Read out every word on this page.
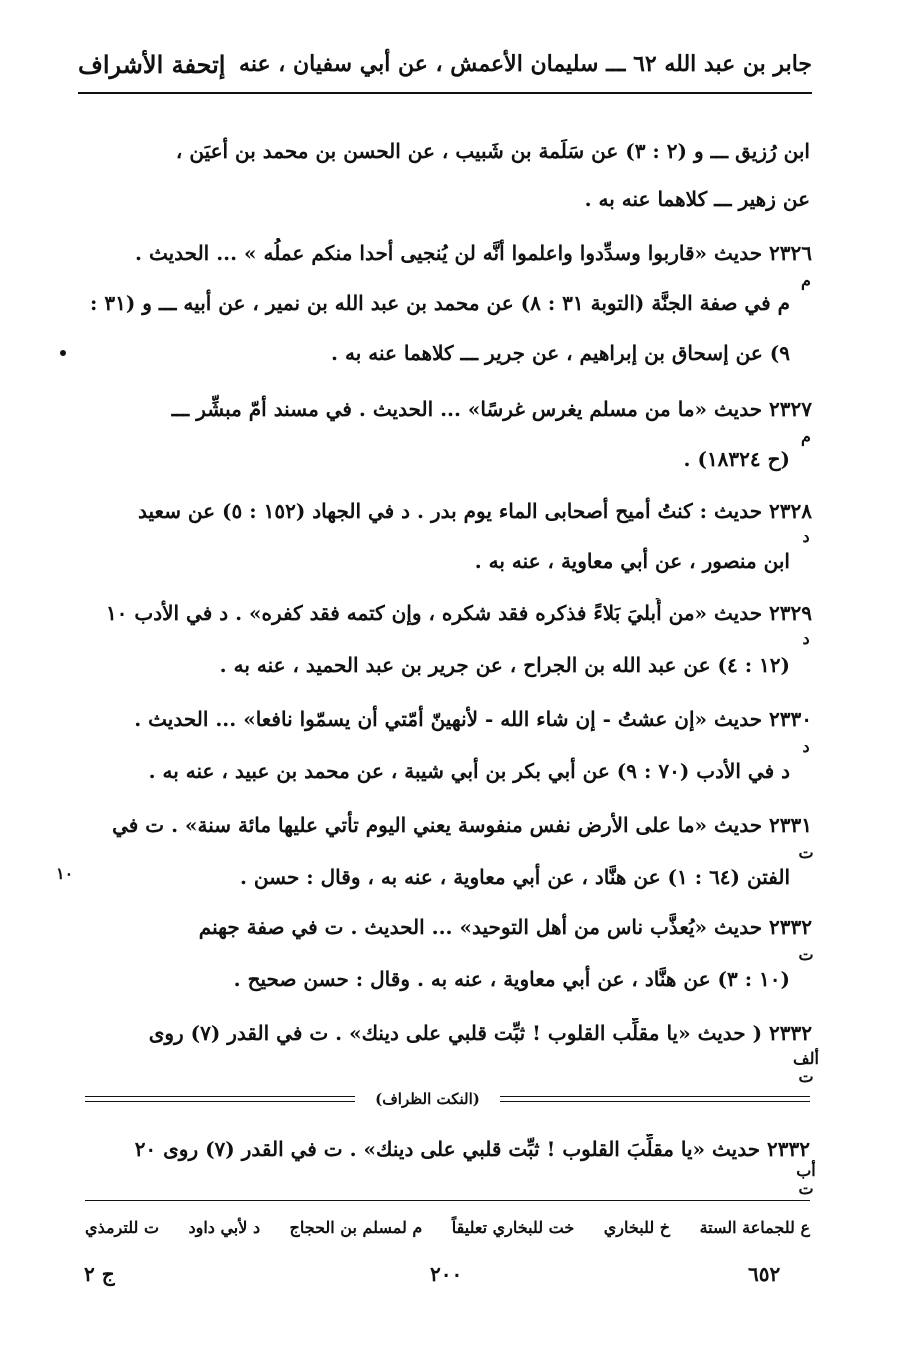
جابر بن عبد الله ٦٢ ـــ سليمان الأعمش ، عن أبي سفيان ، عنه
إتحفة الأشراف
ابن رُزيق ـــ و (٢ : ٣) عن سَلَمة بن شَبيب ، عن الحسن بن محمد بن أعيَن ،
عن زهير ـــ كلاهما عنه به .
٢٣٢٦ حديث «قاربوا وسدِّدوا واعلموا أنَّه لن يُنجيى أحدا منكم عملُه » ... الحديث .
م في صفة الجنَّة (التوبة ٣١ : ٨) عن محمد بن عبد الله بن نمير ، عن أبيه ـــ و (٣١ :
٩) عن إسحاق بن إبراهيم ، عن جرير ـــ كلاهما عنه به .
٢٣٢٧ حديث «ما من مسلم يغرس غرسًا» ... الحديث . في مسند أمّ مبشِّر ـــ
(ح ١٨٣٢٤) .
٢٣٢٨ حديث : كنتُ أميح أصحابى الماء يوم بدر . د في الجهاد (١٥٢ : ٥) عن سعيد
ابن منصور ، عن أبي معاوية ، عنه به .
٢٣٢٩ حديث «من أُبليَ بَلاءً فذكره فقد شكره ، وإن كتمه فقد كفره» . د في الأدب ١٠
(١٢ : ٤) عن عبد الله بن الجراح ، عن جرير بن عبد الحميد ، عنه به .
٢٣٣٠ حديث «إن عشتُ - إن شاء الله - لأنهينّ أمّتي أن يسمّوا نافعا» ... الحديث .
د في الأدب (٧٠ : ٩) عن أبي بكر بن أبي شيبة ، عن محمد بن عبيد ، عنه به .
٢٣٣١ حديث «ما على الأرض نفس منفوسة يعني اليوم تأتي عليها مائة سنة» . ت في
الفتن (٦٤ : ١) عن هنَّاد ، عن أبي معاوية ، عنه به ، وقال : حسن .
٢٣٣٢ حديث «يُعذَّب ناس من أهل التوحيد» ... الحديث . ت في صفة جهنم
(١٠ : ٣) عن هنَّاد ، عن أبي معاوية ، عنه به . وقال : حسن صحيح .
٢٣٣٢ ( حديث «يا مقلِّب القلوب ! ثبِّت قلبي على دينك» . ت في القدر (٧) روى
م
م
د
د
د
ت
ت
ألف ت
١٠
(النكت الظراف)
٢٣٣٢ حديث «يا مقلِّبَ القلوب ! ثبِّت قلبي على دينك» . ت في القدر (٧) روى ٢٠
أب ت
ع للجماعة الستة
خ للبخاري
خت للبخاري تعليقاً
م لمسلم بن الحجاج
د لأبي داود
ت للترمذي
٦٥٢
٢٠٠
ج ٢
